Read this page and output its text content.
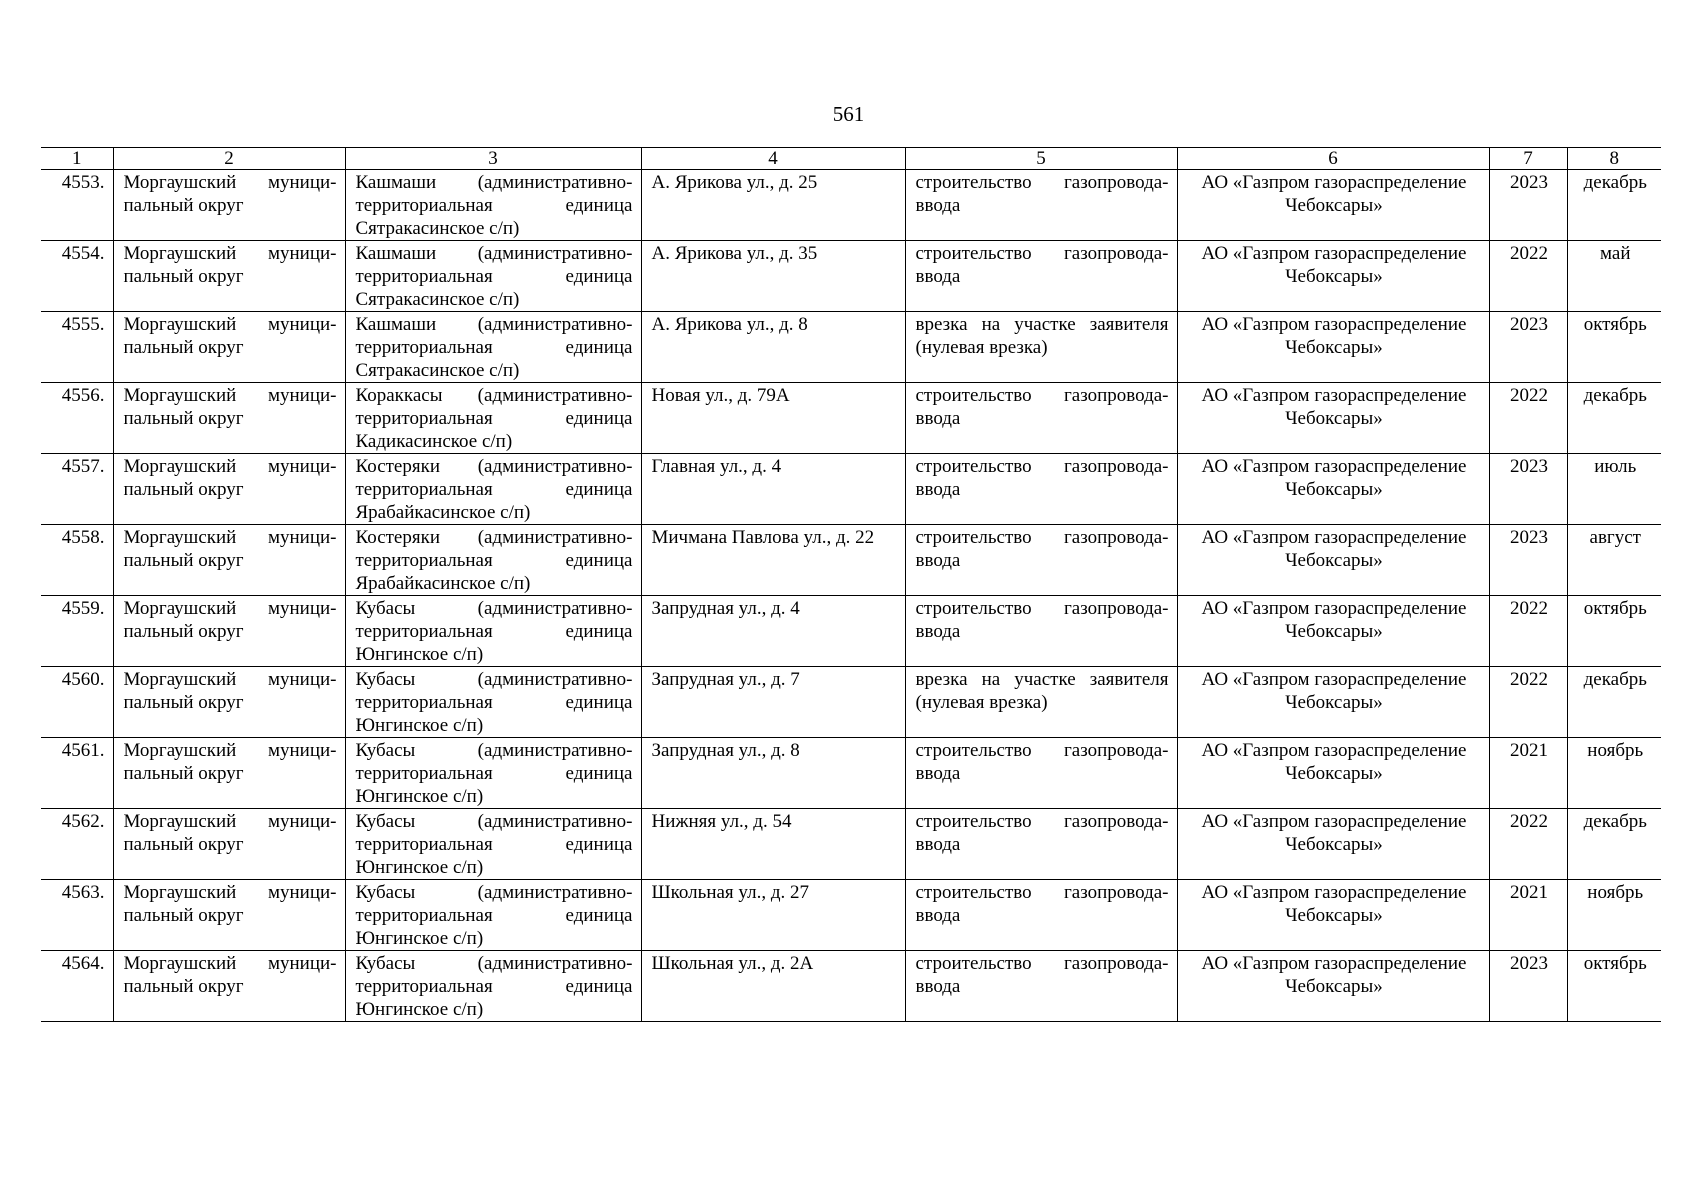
561
1	2	3	4	5	6	7	8
4553.	Моргаушский муници-пальный округ	Кашмаши (административно-территориальная единица Сятракасинское с/п)	А. Ярикова ул., д. 25	строительство газопровода-ввода	АО «Газпром газораспределение Чебоксары»	2023	декабрь
4554.	Моргаушский муници-пальный округ	Кашмаши (административно-территориальная единица Сятракасинское с/п)	А. Ярикова ул., д. 35	строительство газопровода-ввода	АО «Газпром газораспределение Чебоксары»	2022	май
4555.	Моргаушский муници-пальный округ	Кашмаши (административно-территориальная единица Сятракасинское с/п)	А. Ярикова ул., д. 8	врезка на участке заявителя (нулевая врезка)	АО «Газпром газораспределение Чебоксары»	2023	октябрь
4556.	Моргаушский муници-пальный округ	Кораккасы (административно-территориальная единица Кадикасинское с/п)	Новая ул., д. 79А	строительство газопровода-ввода	АО «Газпром газораспределение Чебоксары»	2022	декабрь
4557.	Моргаушский муници-пальный округ	Костеряки (административно-территориальная единица Ярабайкасинское с/п)	Главная ул., д. 4	строительство газопровода-ввода	АО «Газпром газораспределение Чебоксары»	2023	июль
4558.	Моргаушский муници-пальный округ	Костеряки (административно-территориальная единица Ярабайкасинское с/п)	Мичмана Павлова ул., д. 22	строительство газопровода-ввода	АО «Газпром газораспределение Чебоксары»	2023	август
4559.	Моргаушский муници-пальный округ	Кубасы (административно-территориальная единица Юнгинское с/п)	Запрудная ул., д. 4	строительство газопровода-ввода	АО «Газпром газораспределение Чебоксары»	2022	октябрь
4560.	Моргаушский муници-пальный округ	Кубасы (административно-территориальная единица Юнгинское с/п)	Запрудная ул., д. 7	врезка на участке заявителя (нулевая врезка)	АО «Газпром газораспределение Чебоксары»	2022	декабрь
4561.	Моргаушский муници-пальный округ	Кубасы (административно-территориальная единица Юнгинское с/п)	Запрудная ул., д. 8	строительство газопровода-ввода	АО «Газпром газораспределение Чебоксары»	2021	ноябрь
4562.	Моргаушский муници-пальный округ	Кубасы (административно-территориальная единица Юнгинское с/п)	Нижняя ул., д. 54	строительство газопровода-ввода	АО «Газпром газораспределение Чебоксары»	2022	декабрь
4563.	Моргаушский муници-пальный округ	Кубасы (административно-территориальная единица Юнгинское с/п)	Школьная ул., д. 27	строительство газопровода-ввода	АО «Газпром газораспределение Чебоксары»	2021	ноябрь
4564.	Моргаушский муници-пальный округ	Кубасы (административно-территориальная единица Юнгинское с/п)	Школьная ул., д. 2А	строительство газопровода-ввода	АО «Газпром газораспределение Чебоксары»	2023	октябрь
